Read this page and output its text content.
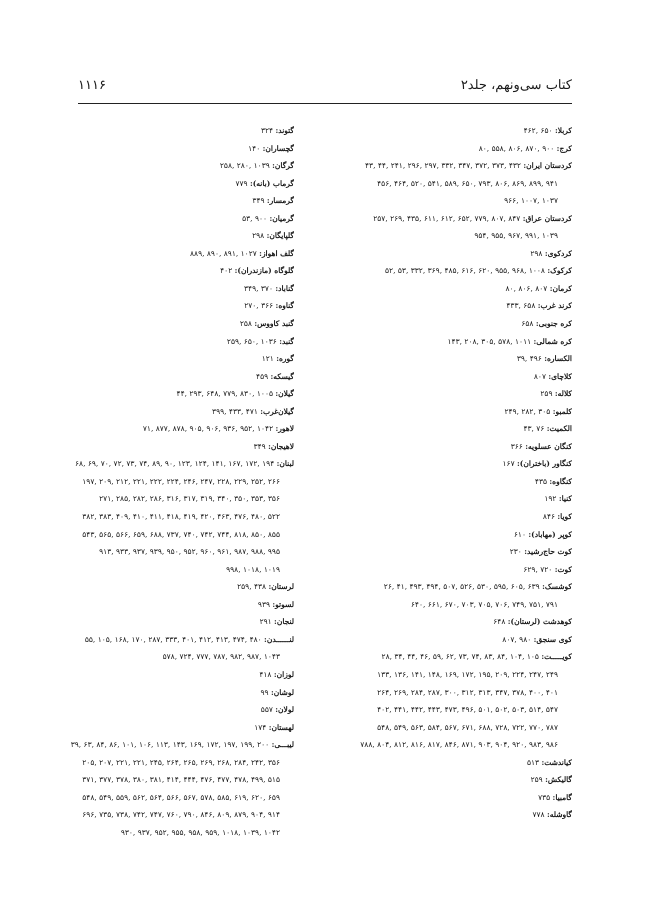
کتاب سی‌ونهم، جلد۲
۱۱۱۶
کربلا: ۶۵۰ ,۴۶۲
کرج: ۹۰۰ ,۸۷۰ ,۸۰۶ ,۵۵۸ ,۸۰
کردستان ایران: ۴۳۲ ,۳۷۳ ,۳۷۲ ,۳۴۷ ,۳۳۲ ,۲۹۷ ,۲۹۶ ,۲۴۱ ,۴۴ ,۴۳
۹۴۱ ,۸۹۹ ,۸۶۹ ,۸۰۶ ,۷۹۳ ,۶۵۰ ,۵۸۹ ,۵۴۱ ,۵۲۰ ,۴۶۴ ,۴۵۶
۱۰۳۷ ,۱۰۰۷ ,۹۶۶
کردستان عراق: ۸۴۷ ,۸۰۷ ,۷۷۹ ,۶۵۲ ,۶۱۲ ,۶۱۱ ,۴۳۵ ,۲۶۹ ,۲۵۷
۱۰۳۹ ,۹۹۱ ,۹۶۷ ,۹۵۵ ,۹۵۴
کردکوی: ۲۹۸
کرکوک: ۱۰۰۸ ,۹۶۸ ,۹۵۵ ,۶۲۰ ,۶۱۶ ,۴۸۵ ,۳۶۹ ,۳۳۲ ,۵۳ ,۵۲
کرمان: ۸۰۷ ,۸۰۶ ,۸۰
کرند غرب: ۶۵۸ ,۴۳۳
کره جنوبی: ۶۵۸
کره شمالی: ۱۰۱۱ ,۵۷۸ ,۳۰۵ ,۲۰۸ ,۱۴۳
الکساره: ۴۹۶ ,۳۹
کلاچای: ۸۰۷
کلاله: ۲۵۹
کلمبو: ۳۰۵ ,۲۸۲ ,۲۴۹
الکمیت: ۷۶ ,۴۳
کنگان عسلویه: ۳۶۶
کنگاور (باختران): ۱۶۷
کنگاوه: ۴۳۵
کنیا: ۱۹۲
کویا: ۸۴۶
کوپر (مهاباد): ۶۱۰
کوت حاج‌رشید: ۲۳۰
کوت: ۷۲۰ ,۶۲۹
کوشسک: ۶۳۹ ,۶۰۵ ,۵۹۵ ,۵۳۰ ,۵۲۶ ,۵۰۷ ,۴۹۴ ,۴۹۳ ,۴۱ ,۲۶
۷۹۱ ,۷۵۱ ,۷۴۹ ,۷۰۶ ,۷۰۵ ,۷۰۳ ,۶۷۰ ,۶۶۱ ,۶۴۰
کوهدشت (لرستان): ۶۴۸
کوی سنجق: ۹۸۰ ,۸۰۷
کویـــــت: ۱۰۵ ,۱۰۴ ,۸۴ ,۸۳ ,۷۴ ,۷۳ ,۶۲ ,۵۹ ,۴۶ ,۴۴ ,۳۴ ,۲۸
۲۴۹ ,۲۴۷ ,۲۲۴ ,۲۰۹ ,۱۹۵ ,۱۷۲ ,۱۶۹ ,۱۴۸ ,۱۴۱ ,۱۳۶ ,۱۳۳
۴۰۱ ,۴۰۰ ,۳۷۸ ,۳۴۷ ,۳۱۳ ,۳۱۲ ,۳۰۰ ,۲۸۷ ,۲۸۴ ,۲۶۹ ,۲۶۴
۵۴۷ ,۵۱۴ ,۵۰۳ ,۵۰۲ ,۵۰۱ ,۴۹۶ ,۴۷۳ ,۴۴۳ ,۴۴۲ ,۴۴۱ ,۴۰۲
۷۸۷ ,۷۷۰ ,۷۲۲ ,۷۲۸ ,۶۸۸ ,۶۷۱ ,۵۶۷ ,۵۸۴ ,۵۶۳ ,۵۴۹ ,۵۴۸
۹۸۶ ,۹۸۳ ,۹۲۰ ,۹۰۴ ,۹۰۳ ,۸۷۱ ,۸۴۶ ,۸۱۷ ,۸۱۶ ,۸۱۲ ,۸۰۴ ,۷۸۸
کیاندشت: ۵۱۳
گالیکش: ۲۵۹
گامبیا: ۷۳۵
گاوشله: ۷۷۸
گتوند: ۳۲۴
گچساران: ۱۴۰
گرگان: ۱۰۳۹ ,۲۸۰ ,۲۵۸
گرماب (بانه): ۷۷۹
گرمسار: ۳۴۹
گرمیان: ۹۰۰ ,۵۳
گلپایگان: ۲۹۸
گلف اهواز: ۱۰۲۷ ,۸۹۱ ,۸۹۰ ,۸۸۹
گلوگاه (مازندران): ۴۰۲
گناباد: ۳۷۰ ,۳۴۹
گناوه: ۳۶۶ ,۲۷۰
گنبد کاووس: ۲۵۸
گنبد: ۱۰۳۶ ,۶۵۰ ,۲۵۹
گوره: ۱۲۱
گیسکه: ۴۵۹
گیلان: ۱۰۰۵ ,۸۳۰ ,۷۷۹ ,۶۴۸ ,۲۹۳ ,۴۴
گیلان‌غرب: ۴۷۱ ,۴۳۳ ,۳۹۹
لاهور: ۱۰۴۲ ,۹۵۲ ,۹۳۶ ,۹۰۶ ,۹۰۵ ,۸۷۸ ,۸۷۷ ,۷۱
لاهیجان: ۳۴۹
لبنان: ۱۹۴ ,۱۷۲ ,۱۶۷ ,۱۴۱ ,۱۲۴ ,۱۲۳ ,۹۰ ,۸۹ ,۷۴ ,۷۳ ,۷۲ ,۷۰ ,۶۹ ,۶۸
۲۶۶ ,۲۵۲ ,۲۲۹ ,۲۲۸ ,۲۴۷ ,۲۴۶ ,۲۲۴ ,۲۲۲ ,۲۲۱ ,۲۱۲ ,۲۰۹ ,۱۹۷
۳۵۶ ,۳۵۳ ,۳۵۰ ,۳۴۰ ,۳۱۹ ,۳۱۷ ,۳۱۶ ,۲۸۶ ,۲۸۲ ,۲۸۵ ,۲۷۱
۵۲۲ ,۴۸۰ ,۴۷۶ ,۴۶۳ ,۴۲۰ ,۴۱۹ ,۴۱۸ ,۴۱۱ ,۴۱۰ ,۴۰۹ ,۳۸۳ ,۳۸۲
۸۵۵ ,۸۵۰ ,۸۱۸ ,۷۴۴ ,۷۴۲ ,۷۴۰ ,۷۳۷ ,۶۸۸ ,۶۵۹ ,۵۶۶ ,۵۶۵ ,۵۴۳
۹۹۵ ,۹۸۸ ,۹۸۷ ,۹۶۱ ,۹۶۰ ,۹۵۲ ,۹۵۰ ,۹۳۹ ,۹۳۷ ,۹۳۳ ,۹۱۳
۱۰۱۹ ,۱۰۱۸ ,۹۹۸
لرستان: ۴۳۸ ,۲۵۹
لسوتو: ۹۳۹
لنجان: ۲۹۱
لنــــــدن: ۴۸۰ ,۴۷۴ ,۴۱۳ ,۴۱۲ ,۴۰۱ ,۳۳۳ ,۲۸۷ ,۱۷۰ ,۱۶۸ ,۱۰۵ ,۵۵
۱۰۴۳ ,۹۸۷ ,۹۸۲ ,۷۸۷ ,۷۷۷ ,۷۲۴ ,۵۷۸
لوزان: ۴۱۸
لوشان: ۹۹
لولان: ۵۵۷
لهستان: ۱۷۴
لیبـــی: ۲۰۰ ,۱۹۹ ,۱۹۷ ,۱۷۲ ,۱۶۹ ,۱۴۳ ,۱۱۳ ,۱۰۶ ,۱۰۱ ,۸۶ ,۸۴ ,۶۳ ,۳۹
۳۵۶ ,۲۴۲ ,۲۸۴ ,۲۶۸ ,۲۶۹ ,۲۶۵ ,۲۶۴ ,۲۴۵ ,۲۲۱ ,۲۲۱ ,۲۰۷ ,۲۰۵
۵۱۵ ,۴۹۹ ,۴۷۸ ,۴۷۷ ,۴۷۶ ,۴۴۴ ,۴۱۴ ,۳۸۱ ,۳۸۰ ,۳۷۸ ,۳۷۷ ,۳۷۱
۶۵۹ ,۶۲۰ ,۶۱۹ ,۵۸۵ ,۵۷۸ ,۵۶۷ ,۵۶۶ ,۵۶۴ ,۵۶۲ ,۵۵۹ ,۵۴۹ ,۵۴۸
۹۱۴ ,۹۰۴ ,۸۷۹ ,۸۰۹ ,۸۴۶ ,۷۹۰ ,۷۶۰ ,۷۴۷ ,۷۴۲ ,۷۳۸ ,۷۳۵ ,۶۹۶
۱۰۴۲ ,۱۰۳۹ ,۱۰۱۸ ,۹۵۹ ,۹۵۸ ,۹۵۵ ,۹۵۲ ,۹۳۷ ,۹۳۰
